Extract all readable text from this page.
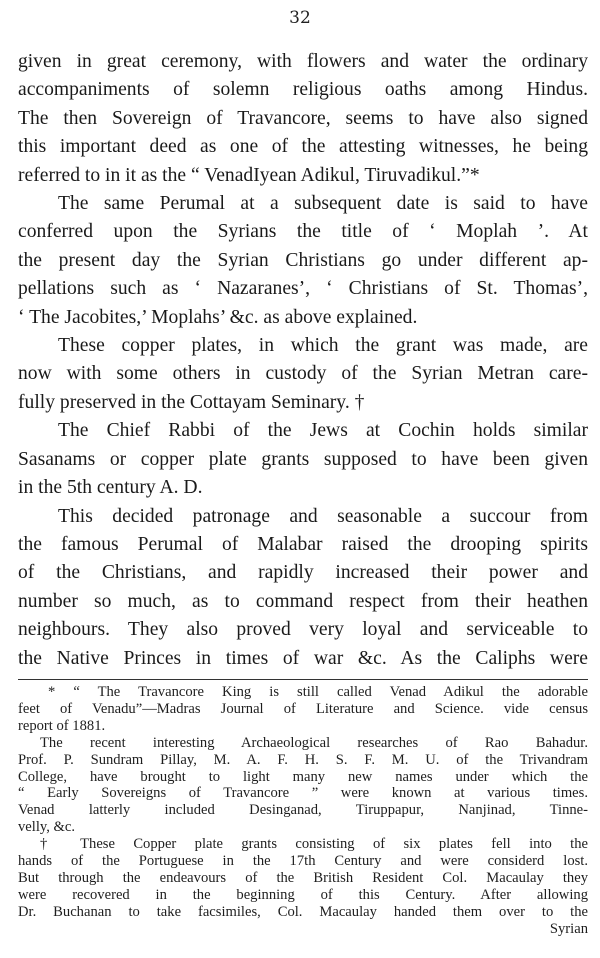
32

given in great ceremony, with flowers and water the ordinary
accompaniments of solemn religious oaths among Hindus.
The then Sovereign of Travancore, seems to have also signed
this important deed as one of the attesting witnesses, he being
referred to in it as the “ VenadIyean Adikul, Tiruvadikul.”*

The same Perumal at a subsequent date is said to have
conferred upon the Syrians the title of ‘ Moplah ’. At
the present day the Syrian Christians go under different ap-
pellations such as ‘ Nazaranes’, ‘ Christians of St. Thomas’,
‘ The Jacobites,’ Moplahs’ &c. as above explained.

These copper plates, in which the grant was made, are
now with some others in custody of the Syrian Metran care-
fully preserved in the Cottayam Seminary. †

The Chief Rabbi of the Jews at Cochin holds similar
Sasanams or copper plate grants supposed to have been given
in the 5th century A. D.

This decided patronage and seasonable a succour from
the famous Perumal of Malabar raised the drooping spirits
of the Christians, and rapidly increased their power and
number so much, as to command respect from their heathen
neighbours. They also proved very loyal and serviceable to
the Native Princes in times of war &c. As the Caliphs were

* “ The Travancore King is still called Venad Adikul the adorable
feet of Venadu”—Madras Journal of Literature and Science. vide census
report of 1881.
The recent interesting Archaeological researches of Rao Bahadur.
Prof. P. Sundram Pillay, M. A. F. H. S. F. M. U. of the Trivandram
College, have brought to light many new names under which the
“ Early Sovereigns of Travancore ” were known at various times.
Venad latterly included Desinganad, Tiruppapur, Nanjinad, Tinne-
velly, &c.
† These Copper plate grants consisting of six plates fell into the
hands of the Portuguese in the 17th Century and were considerd lost.
But through the endeavours of the British Resident Col. Macaulay they
were recovered in the beginning of this Century. After allowing
Dr. Buchanan to take facsimiles, Col. Macaulay handed them over to the
Syrian
